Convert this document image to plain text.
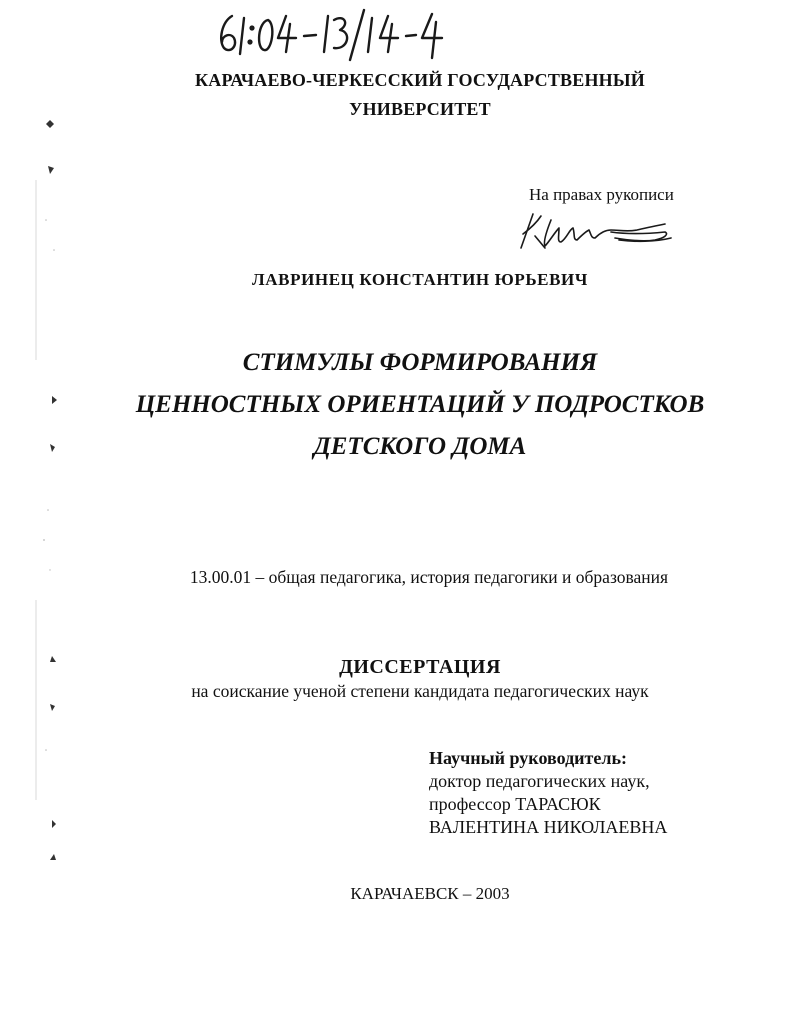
КАРАЧАЕВО-ЧЕРКЕССКИЙ ГОСУДАРСТВЕННЫЙ
УНИВЕРСИТЕТ
На правах рукописи
ЛАВРИНЕЦ КОНСТАНТИН ЮРЬЕВИЧ
СТИМУЛЫ ФОРМИРОВАНИЯ
ЦЕННОСТНЫХ ОРИЕНТАЦИЙ У ПОДРОСТКОВ
ДЕТСКОГО ДОМА
13.00.01 – общая педагогика, история педагогики и образования
ДИССЕРТАЦИЯ
на соискание ученой степени кандидата педагогических наук
Научный руководитель:
доктор педагогических наук,
профессор ТАРАСЮК
ВАЛЕНТИНА НИКОЛАЕВНА
КАРАЧАЕВСК – 2003
